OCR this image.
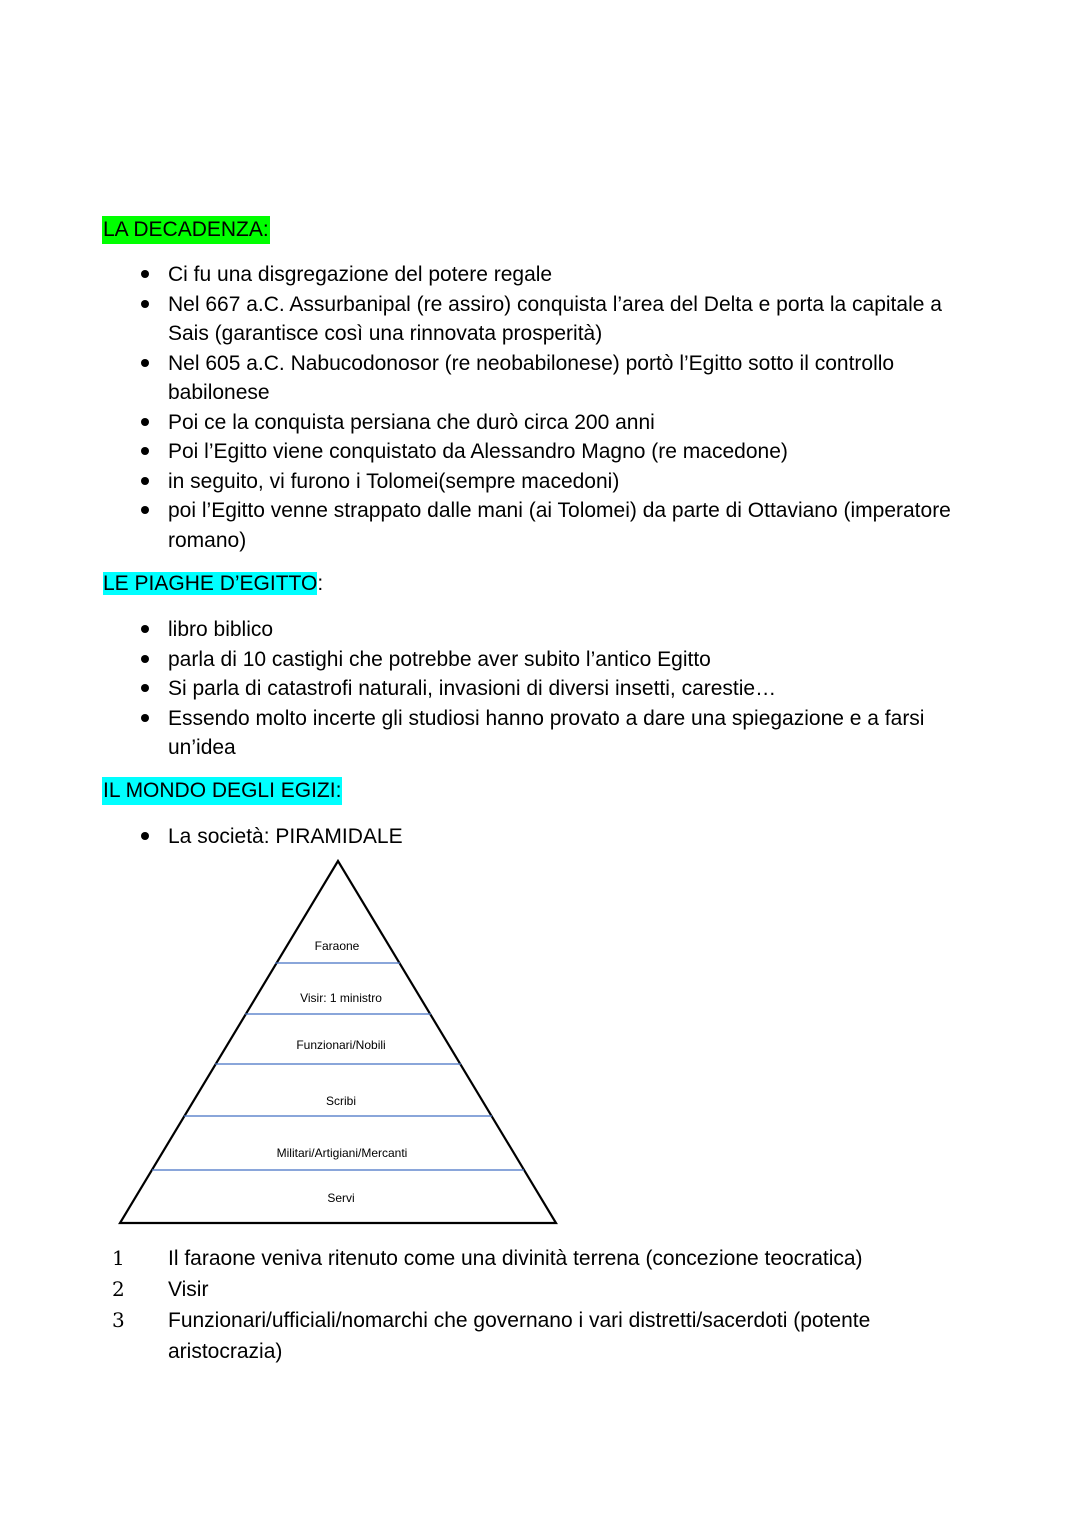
LA DECADENZA:
Ci fu una disgregazione del potere regale
Nel 667 a.C. Assurbanipal (re assiro) conquista l’area del Delta e porta la capitale a Sais (garantisce così una rinnovata prosperità)
Nel 605 a.C. Nabucodonosor (re neobabilonese) portò l’Egitto sotto il controllo babilonese
Poi ce la conquista persiana che durò circa 200 anni
Poi l’Egitto viene conquistato da Alessandro Magno (re macedone)
in seguito, vi furono i Tolomei(sempre macedoni)
poi l’Egitto venne strappato dalle mani (ai Tolomei) da parte di Ottaviano (imperatore romano)
LE PIAGHE D’EGITTO:
libro biblico
parla di 10 castighi che potrebbe aver subito l’antico Egitto
Si parla di catastrofi naturali, invasioni di diversi insetti, carestie…
Essendo molto incerte gli studiosi hanno provato a dare una spiegazione e a farsi un’idea
IL MONDO DEGLI EGIZI:
La società: PIRAMIDALE
Faraone
Visir: 1 ministro
Funzionari/Nobili
Scribi
Militari/Artigiani/Mercanti
Servi
1 Il faraone veniva ritenuto come una divinità terrena (concezione teocratica)
2 Visir
3 Funzionari/ufficiali/nomarchi che governano i vari distretti/sacerdoti (potente aristocrazia)
